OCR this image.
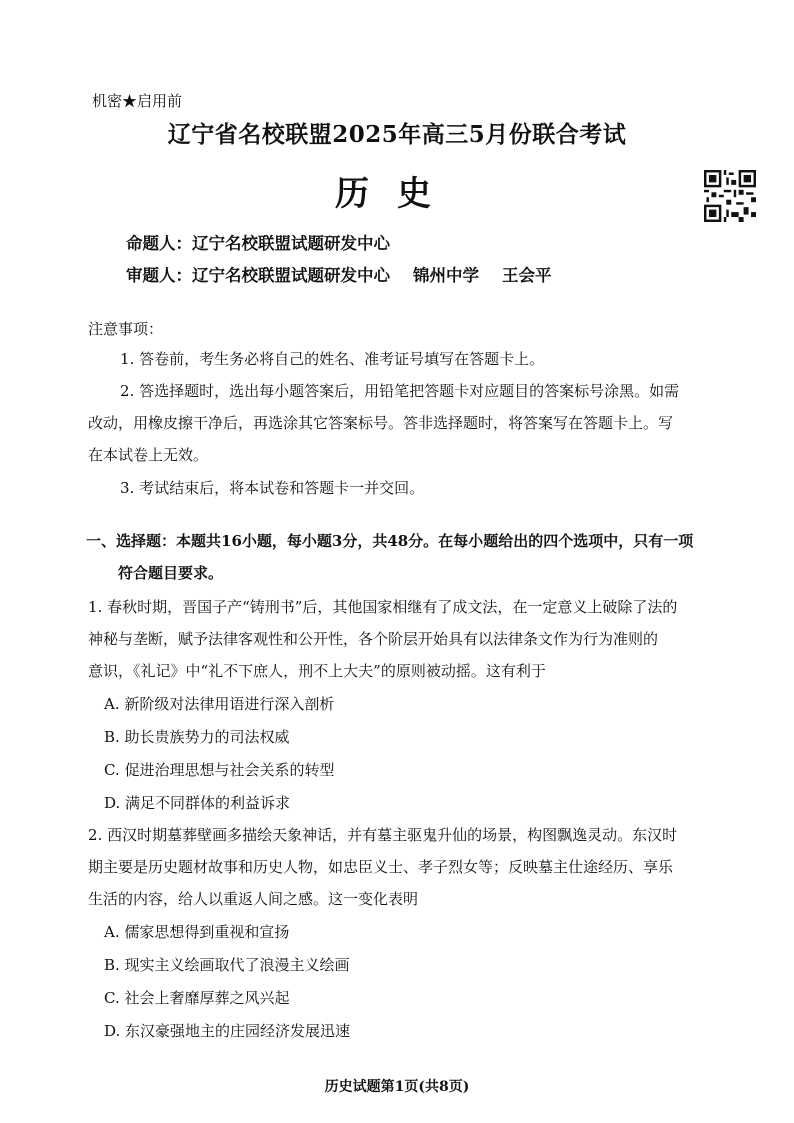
机密★启用前
辽宁省名校联盟2025年高三5月份联合考试
历史
命题人：辽宁名校联盟试题研发中心
审题人：辽宁名校联盟试题研发中心    锦州中学    王会平
注意事项：
1. 答卷前，考生务必将自己的姓名、准考证号填写在答题卡上。
2. 答选择题时，选出每小题答案后，用铅笔把答题卡对应题目的答案标号涂黑。如需
改动，用橡皮擦干净后，再选涂其它答案标号。答非选择题时，将答案写在答题卡上。写
在本试卷上无效。
3. 考试结束后，将本试卷和答题卡一并交回。
一、选择题：本题共16小题，每小题3分，共48分。在每小题给出的四个选项中，只有一项
符合题目要求。
1. 春秋时期，晋国子产“铸刑书”后，其他国家相继有了成文法，在一定意义上破除了法的
神秘与垄断，赋予法律客观性和公开性，各个阶层开始具有以法律条文作为行为准则的
意识，《礼记》中“礼不下庶人，刑不上大夫”的原则被动摇。这有利于
A. 新阶级对法律用语进行深入剖析
B. 助长贵族势力的司法权威
C. 促进治理思想与社会关系的转型
D. 满足不同群体的利益诉求
2. 西汉时期墓葬壁画多描绘天象神话，并有墓主驱鬼升仙的场景，构图飘逸灵动。东汉时
期主要是历史题材故事和历史人物，如忠臣义士、孝子烈女等；反映墓主仕途经历、享乐
生活的内容，给人以重返人间之感。这一变化表明
A. 儒家思想得到重视和宣扬
B. 现实主义绘画取代了浪漫主义绘画
C. 社会上奢靡厚葬之风兴起
D. 东汉豪强地主的庄园经济发展迅速
历史试题第1页(共8页)
